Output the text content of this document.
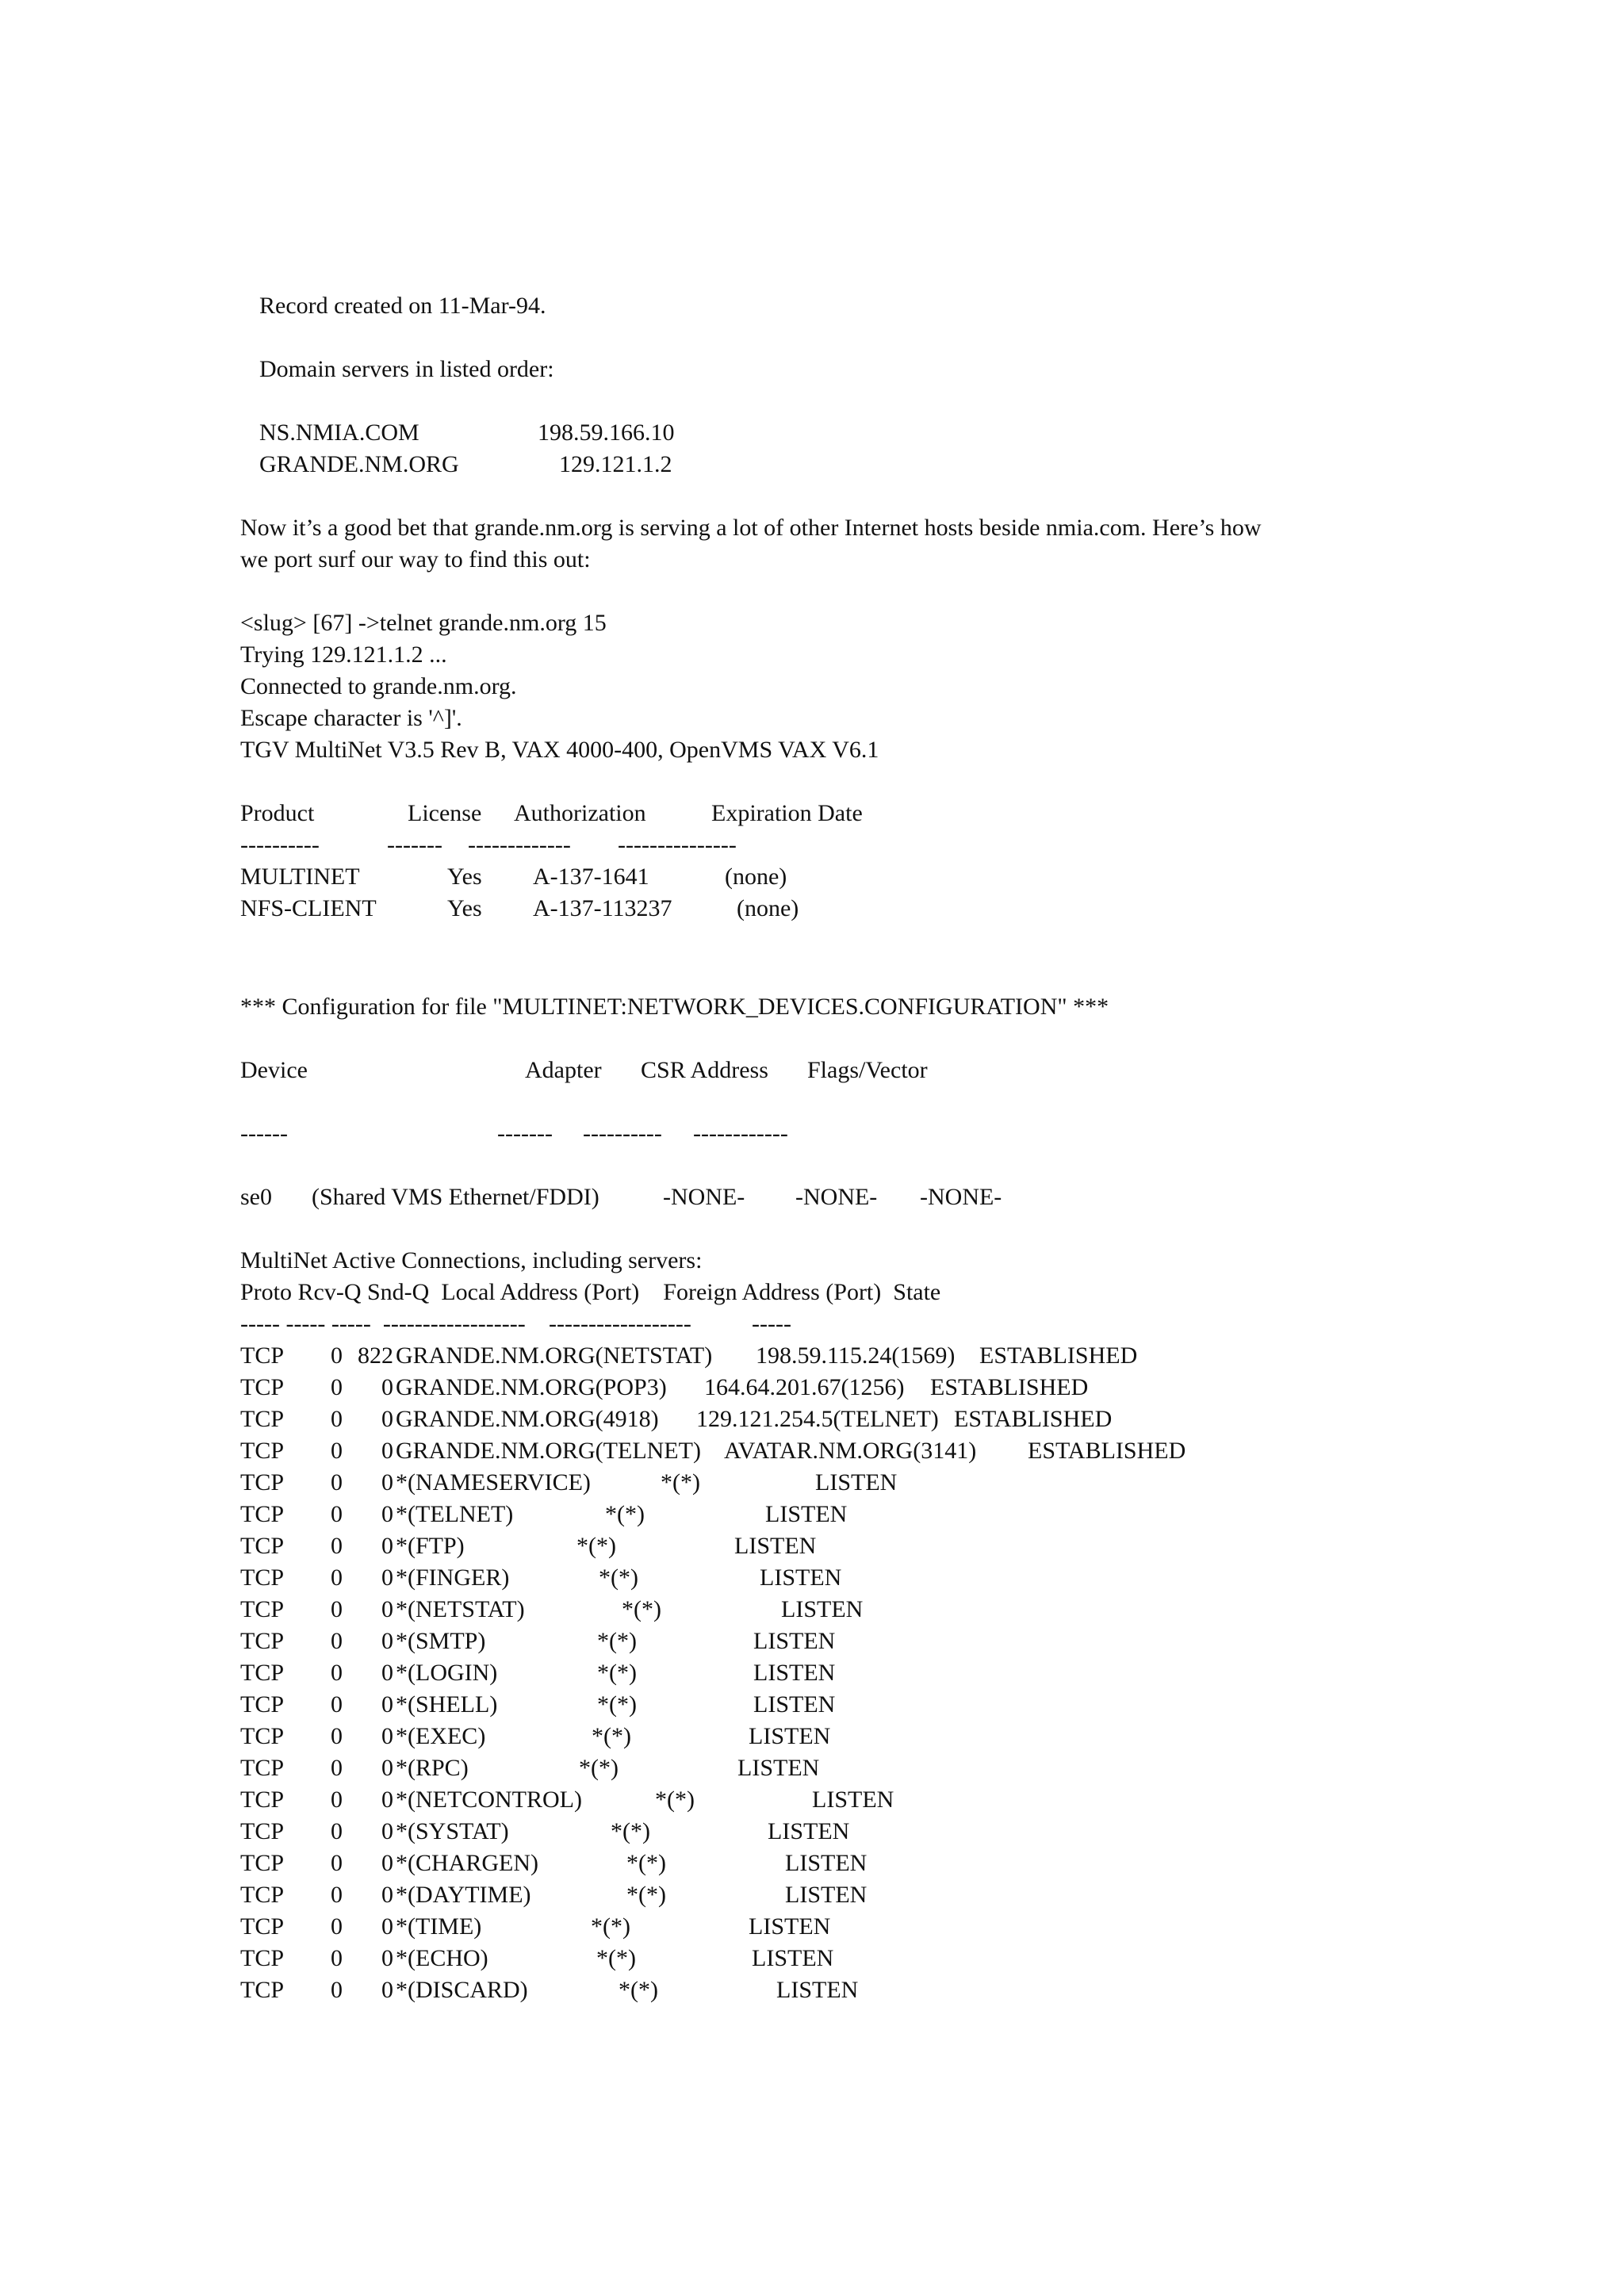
Record created on 11-Mar-94.
Domain servers in listed order:
NS.NMIA.COM	198.59.166.10
GRANDE.NM.ORG	129.121.1.2
Now it’s a good bet that grande.nm.org is serving a lot of other Internet hosts beside nmia.com. Here’s how
we port surf our way to find this out:
<slug> [67] ->telnet grande.nm.org 15
Trying 129.121.1.2 ...
Connected to grande.nm.org.
Escape character is '^]'.
TGV MultiNet V3.5 Rev B, VAX 4000-400, OpenVMS VAX V6.1
Product	License Authorization	Expiration Date
----------	------- ------------- ---------------
MULTINET	Yes A-137-1641	(none)
NFS-CLIENT	Yes A-137-113237	(none)
*** Configuration for file "MULTINET:NETWORK_DEVICES.CONFIGURATION" ***
Device	Adapter CSR Address Flags/Vector
------	------- ---------- ------------
se0 (Shared VMS Ethernet/FDDI)	-NONE- -NONE- -NONE-
MultiNet Active Connections, including servers:
Proto Rcv-Q Snd-Q  Local Address (Port)    Foreign Address (Port)  State
----- ----- -----  ------------------ ------------------	-----
TCP	0 822 GRANDE.NM.ORG(NETSTAT) 198.59.115.24(1569) ESTABLISHED
TCP	0	0 GRANDE.NM.ORG(POP3) 164.64.201.67(1256) ESTABLISHED
TCP	0	0 GRANDE.NM.ORG(4918) 129.121.254.5(TELNET) ESTABLISHED
TCP	0	0 GRANDE.NM.ORG(TELNET) AVATAR.NM.ORG(3141) ESTABLISHED
TCP	0	0 *(NAMESERVICE)	*(*)	LISTEN
TCP	0	0 *(TELNET)	*(*)	LISTEN
TCP	0	0 *(FTP)	*(*)	LISTEN
TCP	0	0 *(FINGER)	*(*)	LISTEN
TCP	0	0 *(NETSTAT)	*(*)	LISTEN
TCP	0	0 *(SMTP)	*(*)	LISTEN
TCP	0	0 *(LOGIN)	*(*)	LISTEN
TCP	0	0 *(SHELL)	*(*)	LISTEN
TCP	0	0 *(EXEC)	*(*)	LISTEN
TCP	0	0 *(RPC)	*(*)	LISTEN
TCP	0	0 *(NETCONTROL)	*(*)	LISTEN
TCP	0	0 *(SYSTAT)	*(*)	LISTEN
TCP	0	0 *(CHARGEN)	*(*)	LISTEN
TCP	0	0 *(DAYTIME)	*(*)	LISTEN
TCP	0	0 *(TIME)	*(*)	LISTEN
TCP	0	0 *(ECHO)	*(*)	LISTEN
TCP	0	0 *(DISCARD)	*(*)	LISTEN
